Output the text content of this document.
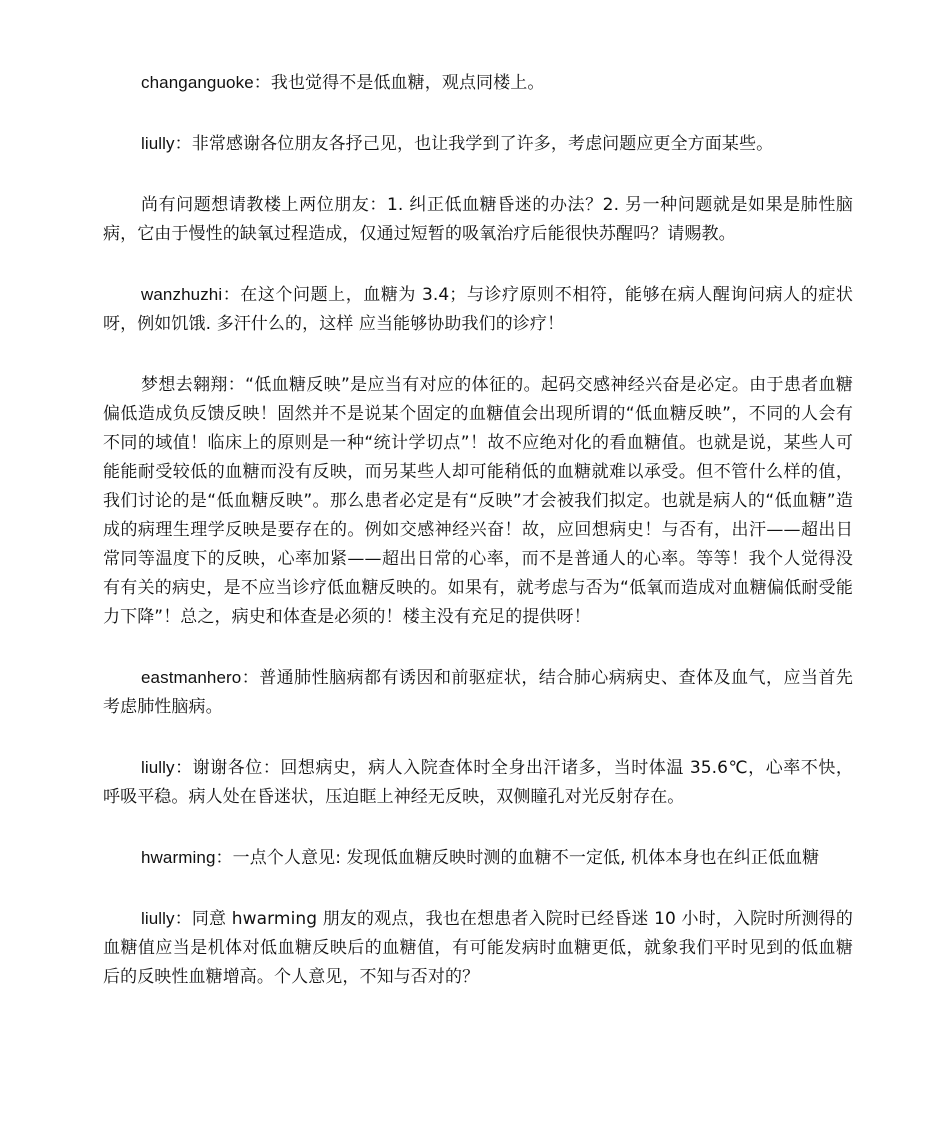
changanguoke：我也觉得不是低血糖，观点同楼上。

liully：非常感谢各位朋友各抒己见，也让我学到了许多，考虑问题应更全方面某些。

尚有问题想请教楼上两位朋友：1. 纠正低血糖昏迷的办法？2. 另一种问题就是如果是肺性脑病，它由于慢性的缺氧过程造成，仅通过短暂的吸氧治疗后能很快苏醒吗？请赐教。

wanzhuzhi：在这个问题上，血糖为 3.4；与诊疗原则不相符，能够在病人醒询问病人的症状呀，例如饥饿. 多汗什么的，这样 应当能够协助我们的诊疗！

梦想去翱翔：“低血糖反映”是应当有对应的体征的。起码交感神经兴奋是必定。由于患者血糖偏低造成负反馈反映！固然并不是说某个固定的血糖值会出现所谓的“低血糖反映”，不同的人会有不同的域值！临床上的原则是一种“统计学切点”！故不应绝对化的看血糖值。也就是说，某些人可能能耐受较低的血糖而没有反映，而另某些人却可能稍低的血糖就难以承受。但不管什么样的值，我们讨论的是“低血糖反映”。那么患者必定是有“反映”才会被我们拟定。也就是病人的“低血糖”造成的病理生理学反映是要存在的。例如交感神经兴奋！故，应回想病史！与否有，出汗——超出日常同等温度下的反映，心率加紧——超出日常的心率，而不是普通人的心率。等等！我个人觉得没有有关的病史，是不应当诊疗低血糖反映的。如果有，就考虑与否为“低氧而造成对血糖偏低耐受能力下降”！总之，病史和体查是必须的！楼主没有充足的提供呀！

eastmanhero：普通肺性脑病都有诱因和前驱症状，结合肺心病病史、查体及血气，应当首先考虑肺性脑病。

liully：谢谢各位：回想病史，病人入院查体时全身出汗诸多，当时体温 35.6℃，心率不快，呼吸平稳。病人处在昏迷状，压迫眶上神经无反映，双侧瞳孔对光反射存在。

hwarming：一点个人意见: 发现低血糖反映时测的血糖不一定低, 机体本身也在纠正低血糖

liully：同意 hwarming 朋友的观点，我也在想患者入院时已经昏迷 10 小时，入院时所测得的血糖值应当是机体对低血糖反映后的血糖值，有可能发病时血糖更低，就象我们平时见到的低血糖后的反映性血糖增高。个人意见，不知与否对的？
